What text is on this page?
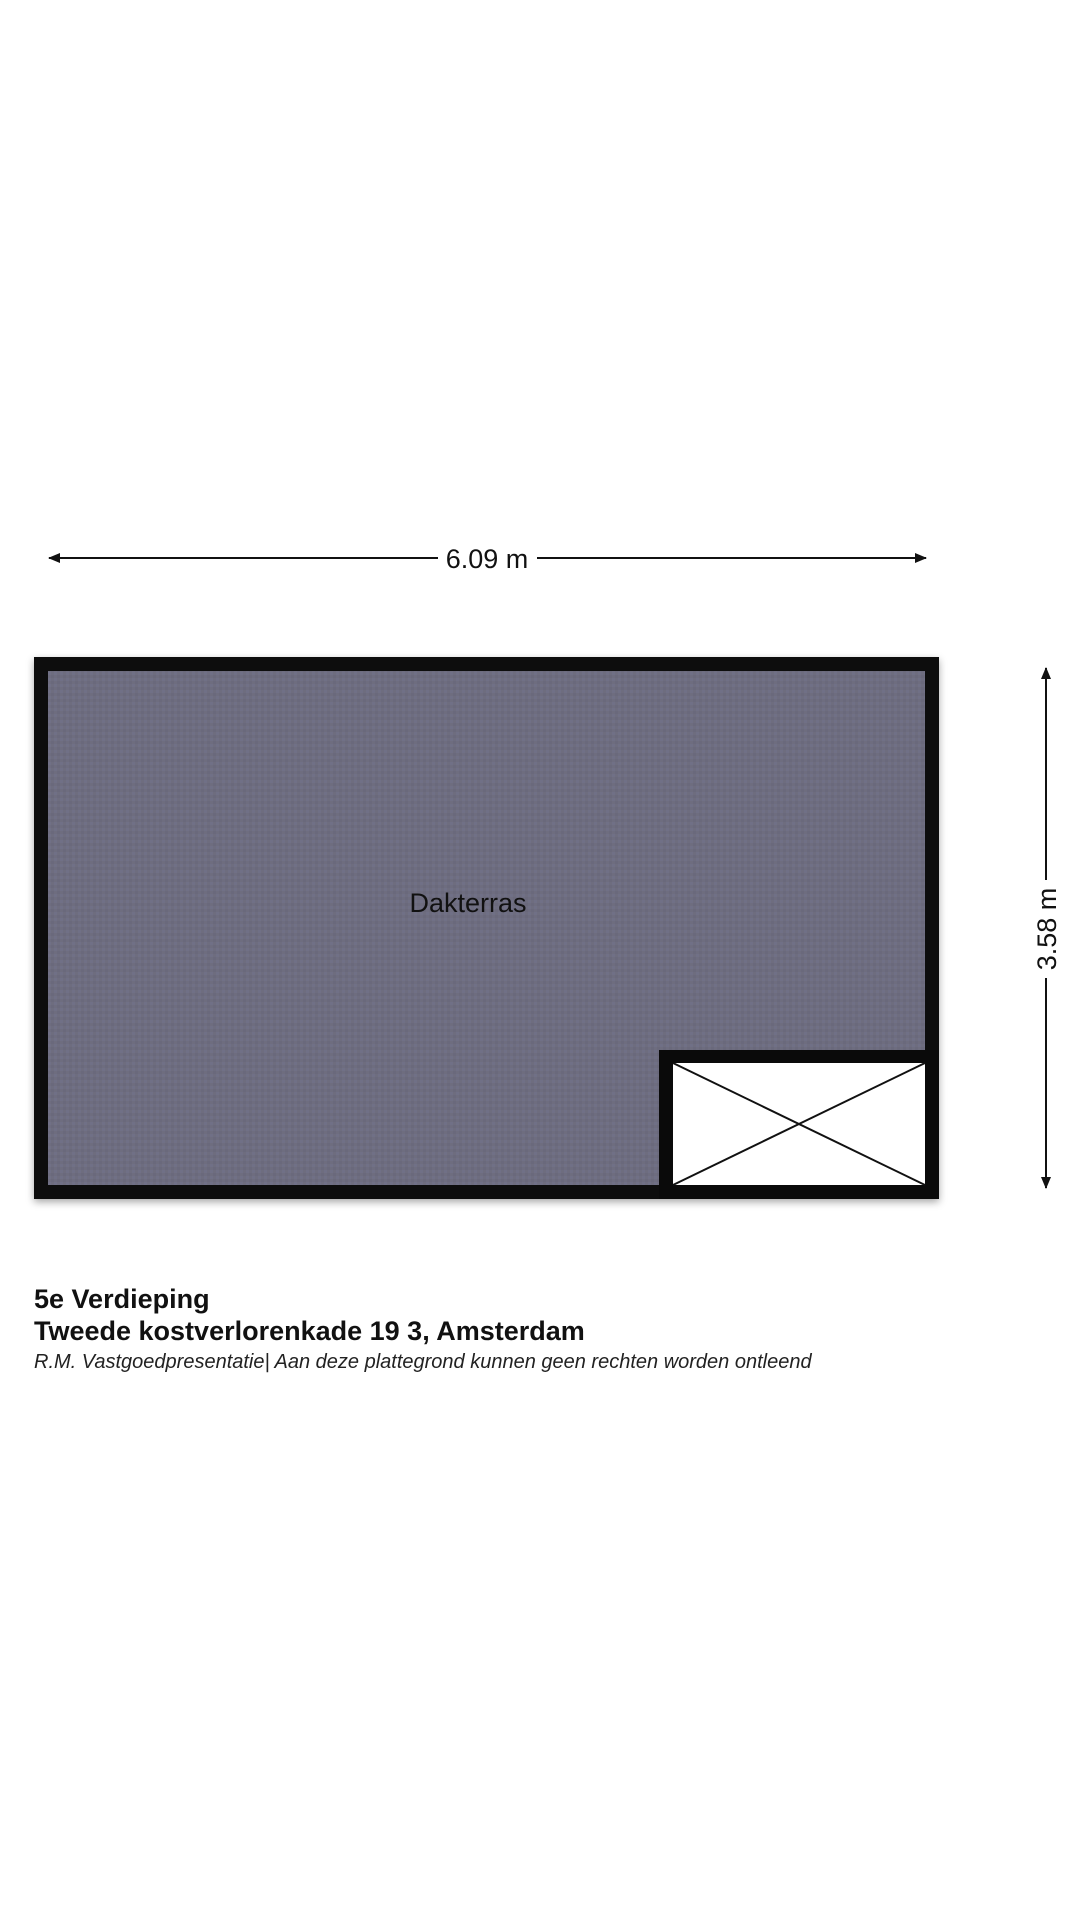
6.09 m
3.58 m
Dakterras

5e Verdieping

Tweede kostverlorenkade 19 3, Amsterdam

R.M. Vastgoedpresentatie| Aan deze plattegrond kunnen geen rechten worden ontleend
